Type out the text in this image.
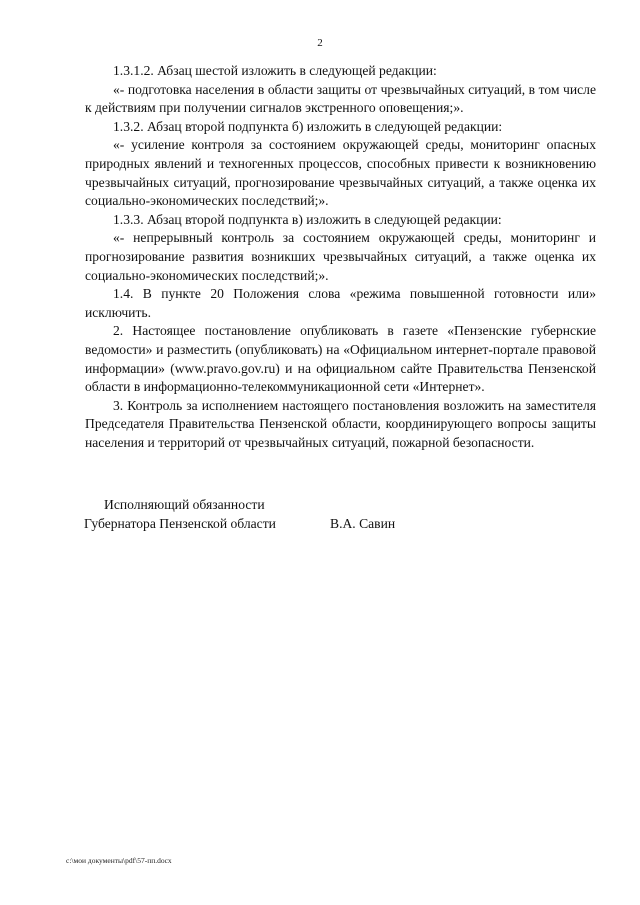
2

1.3.1.2. Абзац шестой изложить в следующей редакции:

«- подготовка населения в области защиты от чрезвычайных ситуаций, в том числе к действиям при получении сигналов экстренного оповещения;».

1.3.2. Абзац второй подпункта б) изложить в следующей редакции:

«- усиление контроля за состоянием окружающей среды, мониторинг опасных природных явлений и техногенных процессов, способных привести к возникновению чрезвычайных ситуаций, прогнозирование чрезвычайных ситуаций, а также оценка их социально-экономических последствий;».

1.3.3. Абзац второй подпункта в) изложить в следующей редакции:

«- непрерывный контроль за состоянием окружающей среды, мониторинг и прогнозирование развития возникших чрезвычайных ситуаций, а также оценка их социально-экономических последствий;».

1.4. В пункте 20 Положения слова «режима повышенной готовности или» исключить.

2. Настоящее постановление опубликовать в газете «Пензенские губернские ведомости» и разместить (опубликовать) на «Официальном интернет-портале правовой информации» (www.pravo.gov.ru) и на официальном сайте Правительства Пензенской области в информационно-телекоммуникационной сети «Интернет».

3. Контроль за исполнением настоящего постановления возложить на заместителя Председателя Правительства Пензенской области, координирующего вопросы защиты населения и территорий от чрезвычайных ситуаций, пожарной безопасности.

Исполняющий обязанности
Губернатора Пензенской области	В.А. Савин
c:\мои документы\pdf\57-пп.docx
